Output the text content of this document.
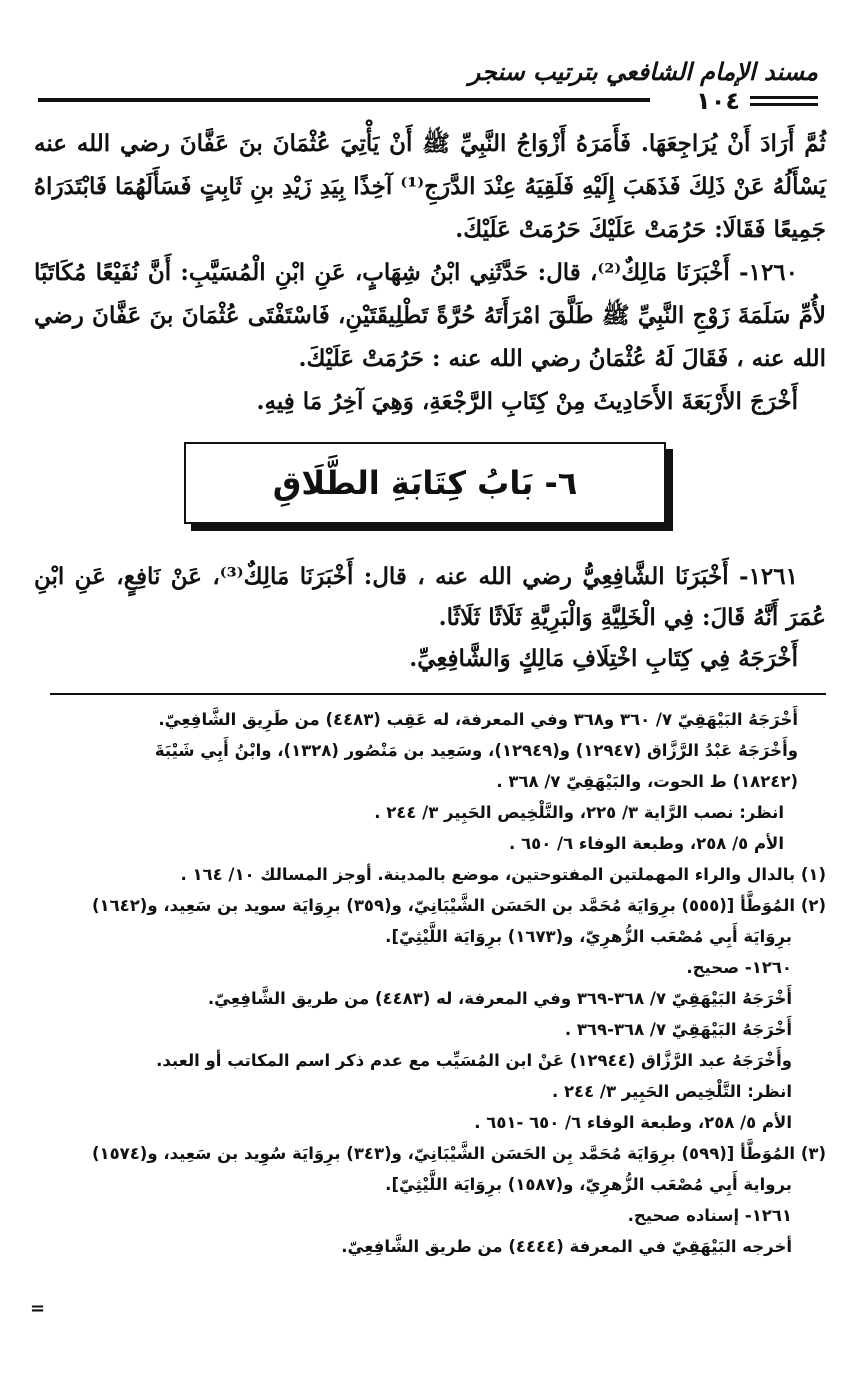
مسند الإمام الشافعي بترتيب سنجر
١٠٤

ثُمَّ أَرَادَ أَنْ يُرَاجِعَهَا. فَأَمَرَهُ أَزْوَاجُ النَّبِيِّ ﷺ أَنْ يَأْتِيَ عُثْمَانَ بنَ عَفَّانَ رضي الله عنه يَسْأَلُهُ عَنْ ذَلِكَ فَذَهَبَ إِلَيْهِ فَلَقِيَهُ عِنْدَ الدَّرَجِ⁽¹⁾ آخِذًا بِيَدِ زَيْدِ بنِ ثَابِتٍ فَسَأَلَهُمَا فَابْتَدَرَاهُ جَمِيعًا فَقَالَا: حَرُمَتْ عَلَيْكَ حَرُمَتْ عَلَيْكَ.

١٢٦٠- أَخْبَرَنَا مَالِكٌ⁽²⁾، قال: حَدَّثَنِي ابْنُ شِهَابٍ، عَنِ ابْنِ الْمُسَيَّبِ: أَنَّ نُفَيْعًا مُكَاتَبًا لأُمِّ سَلَمَةَ زَوْجِ النَّبِيِّ ﷺ طَلَّقَ امْرَأَتَهُ حُرَّةً تَطْلِيقَتَيْنِ، فَاسْتَفْتَى عُثْمَانَ بنَ عَفَّانَ رضي الله عنه ، فَقَالَ لَهُ عُثْمَانُ رضي الله عنه : حَرُمَتْ عَلَيْكَ.

أَخْرَجَ الأَرْبَعَةَ الأَحَادِيثَ مِنْ كِتَابِ الرَّجْعَةِ، وَهِيَ آخِرُ مَا فِيهِ.

٦- بَابُ كِتَابَةِ الطَّلَاقِ

١٢٦١- أَخْبَرَنَا الشَّافِعِيُّ رضي الله عنه ، قال: أَخْبَرَنَا مَالِكٌ⁽³⁾، عَنْ نَافِعٍ، عَنِ ابْنِ عُمَرَ أَنَّهُ قَالَ: فِي الْخَلِيَّةِ وَالْبَرِيَّةِ ثَلَاثًا ثَلَاثًا.

أَخْرَجَهُ فِي كِتَابِ اخْتِلَافِ مَالِكٍ وَالشَّافِعِيِّ.

أَخْرَجَهُ البَيْهَقِيّ ٧/ ٣٦٠ و٣٦٨ وفي المعرفة، له عَقِب (٤٤٨٣) من طَرِيق الشَّافِعِيّ.

وأَخْرَجَهُ عَبْدُ الرَّزَّاق (١٢٩٤٧) و(١٢٩٤٩)، وسَعِيد بن مَنْصُور (١٣٢٨)، وابْنُ أَبِي شَيْبَةَ

(١٨٢٤٢) ط الحوت، والبَيْهَقِيّ ٧/ ٣٦٨ .

انظر: نصب الرَّاية ٣/ ٢٢٥، والتَّلْخِيص الحَبِير ٣/ ٢٤٤ .

الأم ٥/ ٢٥٨، وطبعة الوفاء ٦/ ٦٥٠ .

(١) بالدال والراء المهملتين المفتوحتين، موضع بالمدينة. أوجز المسالك ١٠/ ١٦٤ .

(٢) المُوَطَّأ [(٥٥٥) برِوَايَة مُحَمَّد بن الحَسَن الشَّيْبَانِيّ، و(٣٥٩) برِوَايَة سويد بن سَعِيد، و(١٦٤٢)

برِوَايَة أَبِي مُصْعَب الزُّهرِيّ، و(١٦٧٣) برِوَايَة اللَّيْثِيّ].

١٢٦٠- صحيح.

أَخْرَجَهُ البَيْهَقِيّ ٧/ ٣٦٨-٣٦٩ وفي المعرفة، له (٤٤٨٣) من طريق الشَّافِعِيّ.

أَخْرَجَهُ البَيْهَقِيّ ٧/ ٣٦٨-٣٦٩ .

وأَخْرَجَهُ عبد الرَّزَّاق (١٢٩٤٤) عَنْ ابن المُسَيِّب مع عدم ذكر اسم المكاتب أو العبد.

انظر: التَّلْخِيص الحَبِير ٣/ ٢٤٤ .

الأم ٥/ ٢٥٨، وطبعة الوفاء ٦/ ٦٥٠ -٦٥١ .

(٣) المُوَطَّأ [(٥٩٩) برِوَايَة مُحَمَّد بِن الحَسَن الشَّيْبَانِيّ، و(٣٤٣) برِوَايَة سُوِيد بن سَعِيد، و(١٥٧٤)

برواية أَبِي مُصْعَب الزُّهرِيّ، و(١٥٨٧) برِوَايَة اللَّيْثِيّ].

١٢٦١- إسناده صحيح.

أخرجه البَيْهَقِيّ في المعرفة (٤٤٤٤) من طريق الشَّافِعِيّ.

=
